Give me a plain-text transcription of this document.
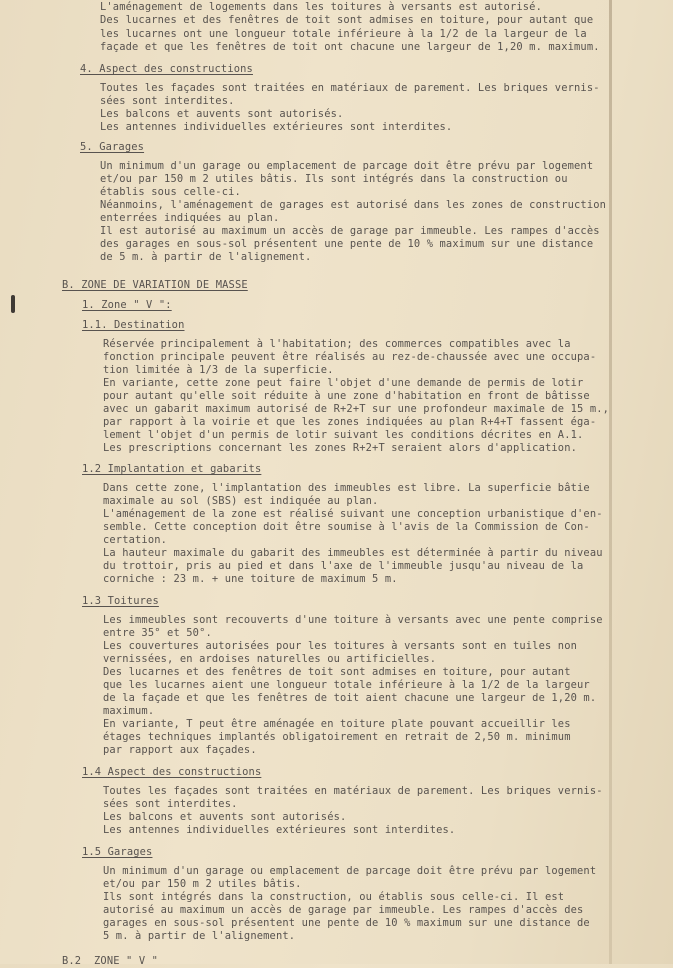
L'aménagement de logements dans les toitures à versants est autorisé.
Des lucarnes et des fenêtres de toit sont admises en toiture, pour autant que
les lucarnes ont une longueur totale inférieure à la 1/2 de la largeur de la
façade et que les fenêtres de toit ont chacune une largeur de 1,20 m. maximum.
4. Aspect des constructions
Toutes les façades sont traitées en matériaux de parement. Les briques vernis-
sées sont interdites.
Les balcons et auvents sont autorisés.
Les antennes individuelles extérieures sont interdites.
5. Garages
Un minimum d'un garage ou emplacement de parcage doit être prévu par logement
et/ou par 150 m 2 utiles bâtis. Ils sont intégrés dans la construction ou
établis sous celle-ci.
Néanmoins, l'aménagement de garages est autorisé dans les zones de construction
enterrées indiquées au plan.
Il est autorisé au maximum un accès de garage par immeuble. Les rampes d'accès
des garages en sous-sol présentent une pente de 10 % maximum sur une distance
de 5 m. à partir de l'alignement.
B. ZONE DE VARIATION DE MASSE
1. Zone " V ":
1.1. Destination
Réservée principalement à l'habitation; des commerces compatibles avec la
fonction principale peuvent être réalisés au rez-de-chaussée avec une occupa-
tion limitée à 1/3 de la superficie.
En variante, cette zone peut faire l'objet d'une demande de permis de lotir
pour autant qu'elle soit réduite à une zone d'habitation en front de bâtisse
avec un gabarit maximum autorisé de R+2+T sur une profondeur maximale de 15 m.,
par rapport à la voirie et que les zones indiquées au plan R+4+T fassent éga-
lement l'objet d'un permis de lotir suivant les conditions décrites en A.1.
Les prescriptions concernant les zones R+2+T seraient alors d'application.
1.2 Implantation et gabarits
Dans cette zone, l'implantation des immeubles est libre. La superficie bâtie
maximale au sol (SBS) est indiquée au plan.
L'aménagement de la zone est réalisé suivant une conception urbanistique d'en-
semble. Cette conception doit être soumise à l'avis de la Commission de Con-
certation.
La hauteur maximale du gabarit des immeubles est déterminée à partir du niveau
du trottoir, pris au pied et dans l'axe de l'immeuble jusqu'au niveau de la
corniche : 23 m. + une toiture de maximum 5 m.
1.3 Toitures
Les immeubles sont recouverts d'une toiture à versants avec une pente comprise
entre 35° et 50°.
Les couvertures autorisées pour les toitures à versants sont en tuiles non
vernissées, en ardoises naturelles ou artificielles.
Des lucarnes et des fenêtres de toit sont admises en toiture, pour autant
que les lucarnes aient une longueur totale inférieure à la 1/2 de la largeur
de la façade et que les fenêtres de toit aient chacune une largeur de 1,20 m.
maximum.
En variante, T peut être aménagée en toiture plate pouvant accueillir les
étages techniques implantés obligatoirement en retrait de 2,50 m. minimum
par rapport aux façades.
1.4 Aspect des constructions
Toutes les façades sont traitées en matériaux de parement. Les briques vernis-
sées sont interdites.
Les balcons et auvents sont autorisés.
Les antennes individuelles extérieures sont interdites.
1.5 Garages
Un minimum d'un garage ou emplacement de parcage doit être prévu par logement
et/ou par 150 m 2 utiles bâtis.
Ils sont intégrés dans la construction, ou établis sous celle-ci. Il est
autorisé au maximum un accès de garage par immeuble. Les rampes d'accès des
garages en sous-sol présentent une pente de 10 % maximum sur une distance de
5 m. à partir de l'alignement.
B.2  ZONE " V "
